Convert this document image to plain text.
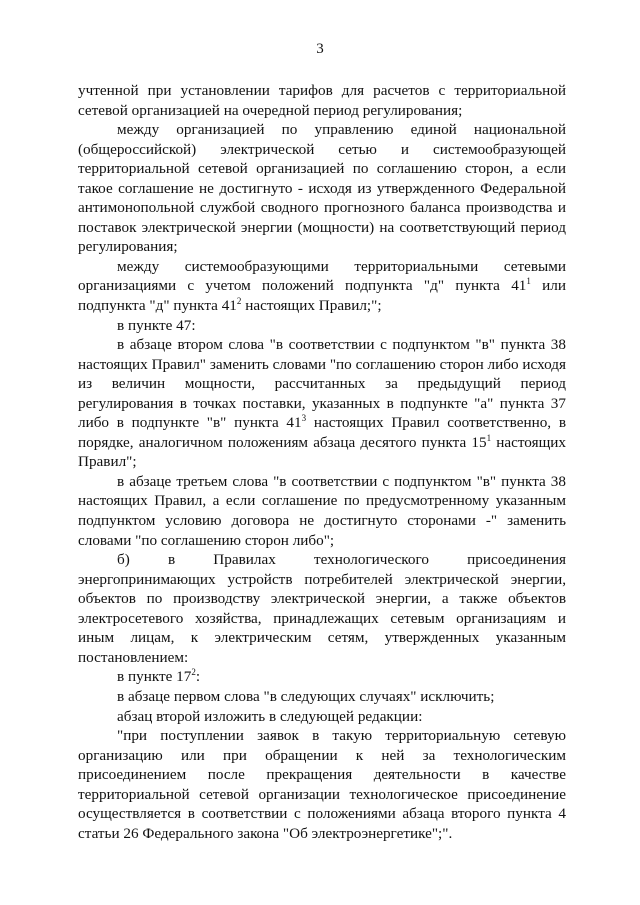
3

учтенной при установлении тарифов для расчетов с территориальной сетевой организацией на очередной период регулирования;

между организацией по управлению единой национальной (общероссийской) электрической сетью и системообразующей территориальной сетевой организацией по соглашению сторон, а если такое соглашение не достигнуто - исходя из утвержденного Федеральной антимонопольной службой сводного прогнозного баланса производства и поставок электрической энергии (мощности) на соответствующий период регулирования;

между системообразующими территориальными сетевыми организациями с учетом положений подпункта "д" пункта $41^1$ или подпункта "д" пункта $41^2$ настоящих Правил;";

в пункте 47:

в абзаце втором слова "в соответствии с подпунктом "в" пункта 38 настоящих Правил" заменить словами "по соглашению сторон либо исходя из величин мощности, рассчитанных за предыдущий период регулирования в точках поставки, указанных в подпункте "а" пункта 37 либо в подпункте "в" пункта $41^3$ настоящих Правил соответственно, в порядке, аналогичном положениям абзаца десятого пункта $15^1$ настоящих Правил";

в абзаце третьем слова "в соответствии с подпунктом "в" пункта 38 настоящих Правил, а если соглашение по предусмотренному указанным подпунктом условию договора не достигнуто сторонами -" заменить словами "по соглашению сторон либо";

б) в Правилах технологического присоединения энергопринимающих устройств потребителей электрической энергии, объектов по производству электрической энергии, а также объектов электросетевого хозяйства, принадлежащих сетевым организациям и иным лицам, к электрическим сетям, утвержденных указанным постановлением:

в пункте $17^2$:

в абзаце первом слова "в следующих случаях" исключить;

абзац второй изложить в следующей редакции:

"при поступлении заявок в такую территориальную сетевую организацию или при обращении к ней за технологическим присоединением после прекращения деятельности в качестве территориальной сетевой организации технологическое присоединение осуществляется в соответствии с положениями абзаца второго пункта 4 статьи 26 Федерального закона "Об электроэнергетике";".
